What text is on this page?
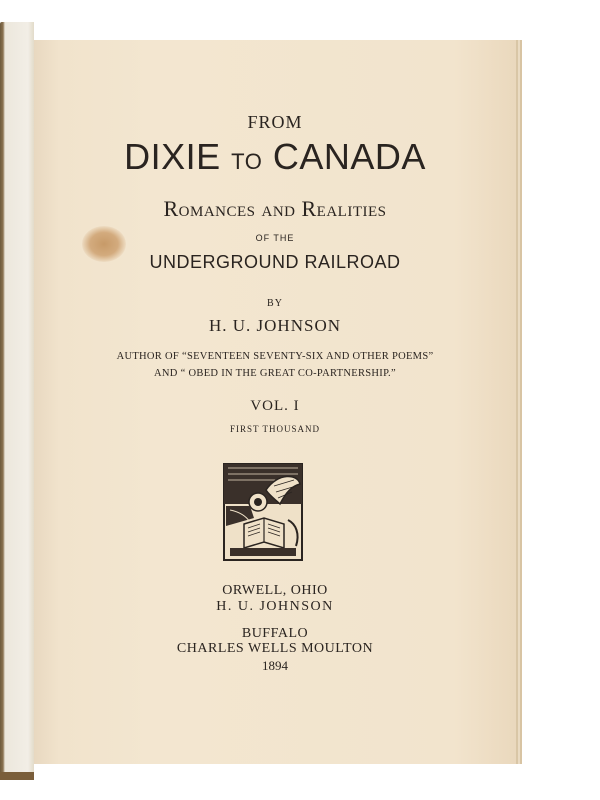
FROM
DIXIE TO CANADA
Romances and Realities
OF THE
UNDERGROUND RAILROAD
BY
H. U. JOHNSON
AUTHOR OF “SEVENTEEN SEVENTY-SIX AND OTHER POEMS”
AND “ OBED IN THE GREAT CO-PARTNERSHIP.”
VOL. I
FIRST THOUSAND
ORWELL, OHIO
H. U. JOHNSON
BUFFALO
CHARLES WELLS MOULTON
1894
